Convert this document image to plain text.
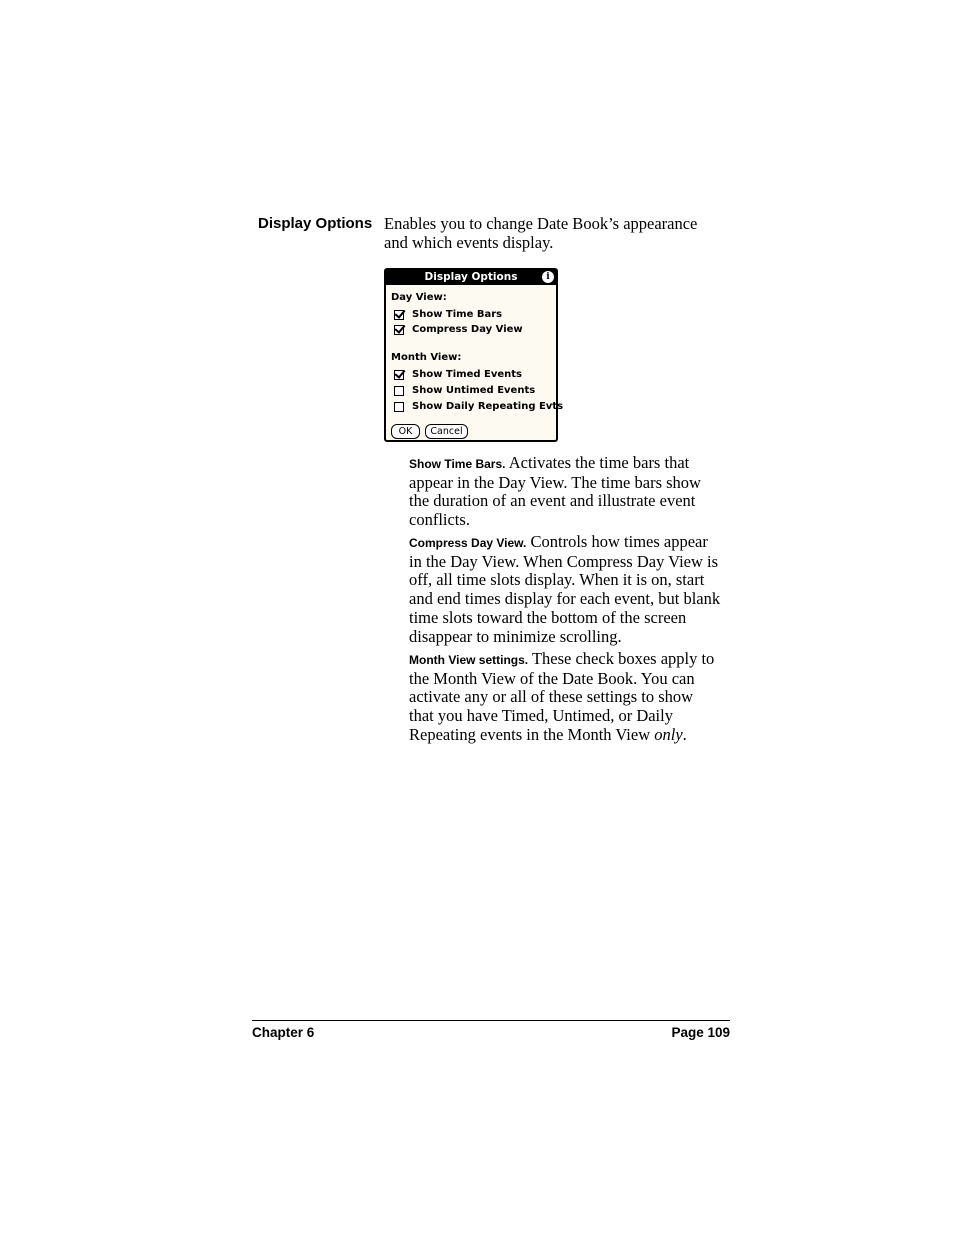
Display Options Enables you to change Date Book’s appearance and which events display.
Display Options	i
Day View:
Show Time Bars
Compress Day View
Month View:
Show Timed Events
Show Untimed Events
Show Daily Repeating Evts
OK	Cancel
Show Time Bars. Activates the time bars that appear in the Day View. The time bars show the duration of an event and illustrate event conflicts.
Compress Day View. Controls how times appear in the Day View. When Compress Day View is off, all time slots display. When it is on, start and end times display for each event, but blank time slots toward the bottom of the screen disappear to minimize scrolling.
Month View settings. These check boxes apply to the Month View of the Date Book. You can activate any or all of these settings to show that you have Timed, Untimed, or Daily Repeating events in the Month View only.
Chapter 6	Page 109
